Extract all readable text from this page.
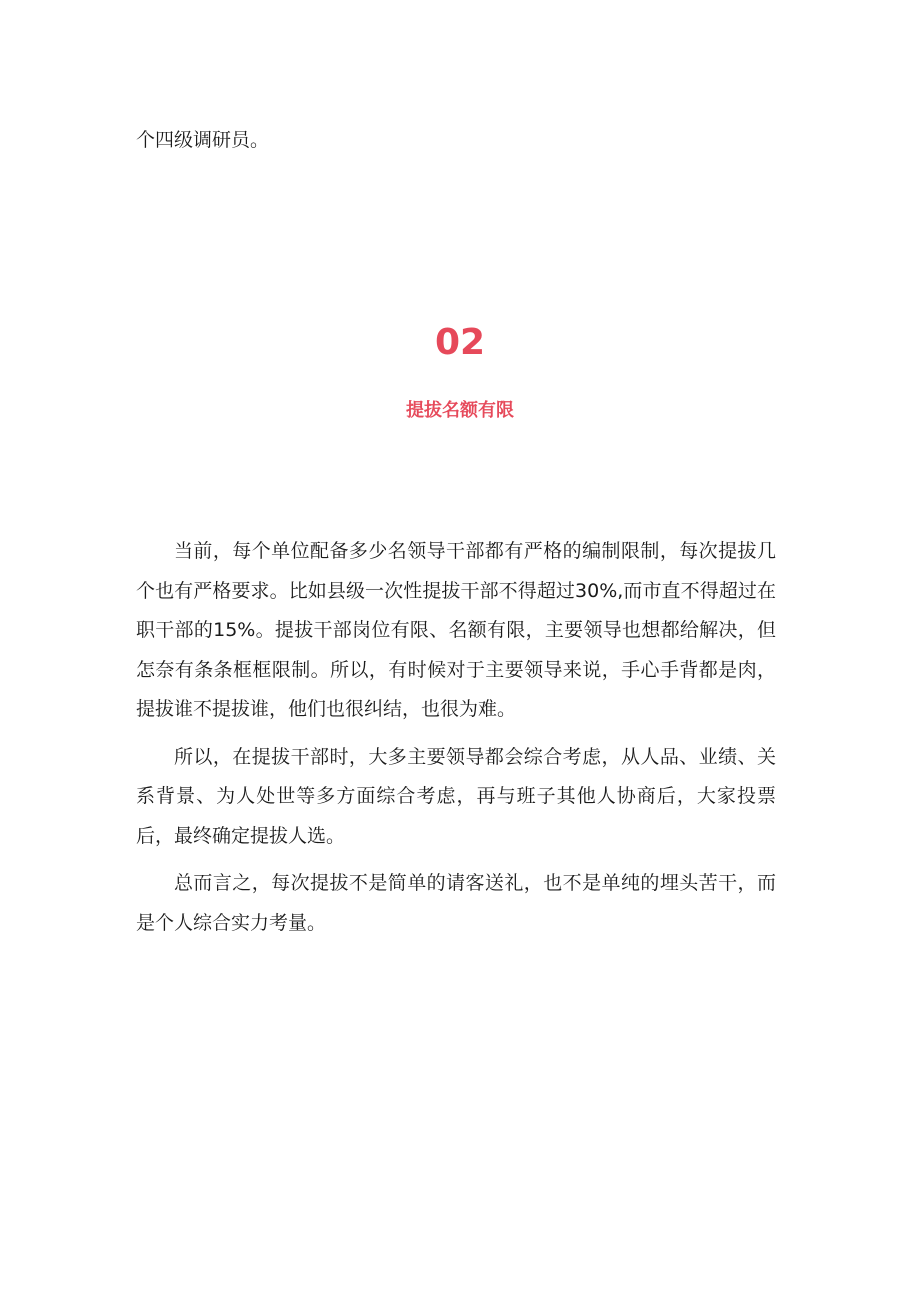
个四级调研员。

02
提拔名额有限

当前，每个单位配备多少名领导干部都有严格的编制限制，每次提拔几个也有严格要求。比如县级一次性提拔干部不得超过30%,而市直不得超过在职干部的15%。提拔干部岗位有限、名额有限，主要领导也想都给解决，但怎奈有条条框框限制。所以，有时候对于主要领导来说，手心手背都是肉，提拔谁不提拔谁，他们也很纠结，也很为难。

所以，在提拔干部时，大多主要领导都会综合考虑，从人品、业绩、关系背景、为人处世等多方面综合考虑，再与班子其他人协商后，大家投票后，最终确定提拔人选。

总而言之，每次提拔不是简单的请客送礼，也不是单纯的埋头苦干，而是个人综合实力考量。
